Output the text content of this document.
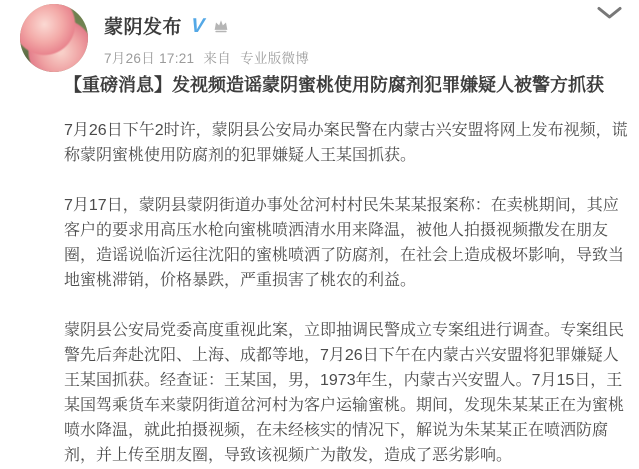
蒙阴发布 V
7月26日 17:21 来自 专业版微博
【重磅消息】发视频造谣蒙阴蜜桃使用防腐剂犯罪嫌疑人被警方抓获

7月26日下午2时许，蒙阴县公安局办案民警在内蒙古兴安盟将网上发布视频，谎称蒙阴蜜桃使用防腐剂的犯罪嫌疑人王某国抓获。

7月17日，蒙阴县蒙阴街道办事处岔河村村民朱某某报案称：在卖桃期间，其应客户的要求用高压水枪向蜜桃喷洒清水用来降温，被他人拍摄视频撒发在朋友圈，造谣说临沂运往沈阳的蜜桃喷洒了防腐剂，在社会上造成极坏影响，导致当地蜜桃滞销，价格暴跌，严重损害了桃农的利益。

蒙阴县公安局党委高度重视此案，立即抽调民警成立专案组进行调查。专案组民警先后奔赴沈阳、上海、成都等地，7月26日下午在内蒙古兴安盟将犯罪嫌疑人王某国抓获。经查证：王某国，男，1973年生，内蒙古兴安盟人。7月15日，王某国驾乘货车来蒙阴街道岔河村为客户运输蜜桃。期间，发现朱某某正在为蜜桃喷水降温，就此拍摄视频，在未经核实的情况下，解说为朱某某正在喷洒防腐剂，并上传至朋友圈，导致该视频广为散发，造成了恶劣影响。
